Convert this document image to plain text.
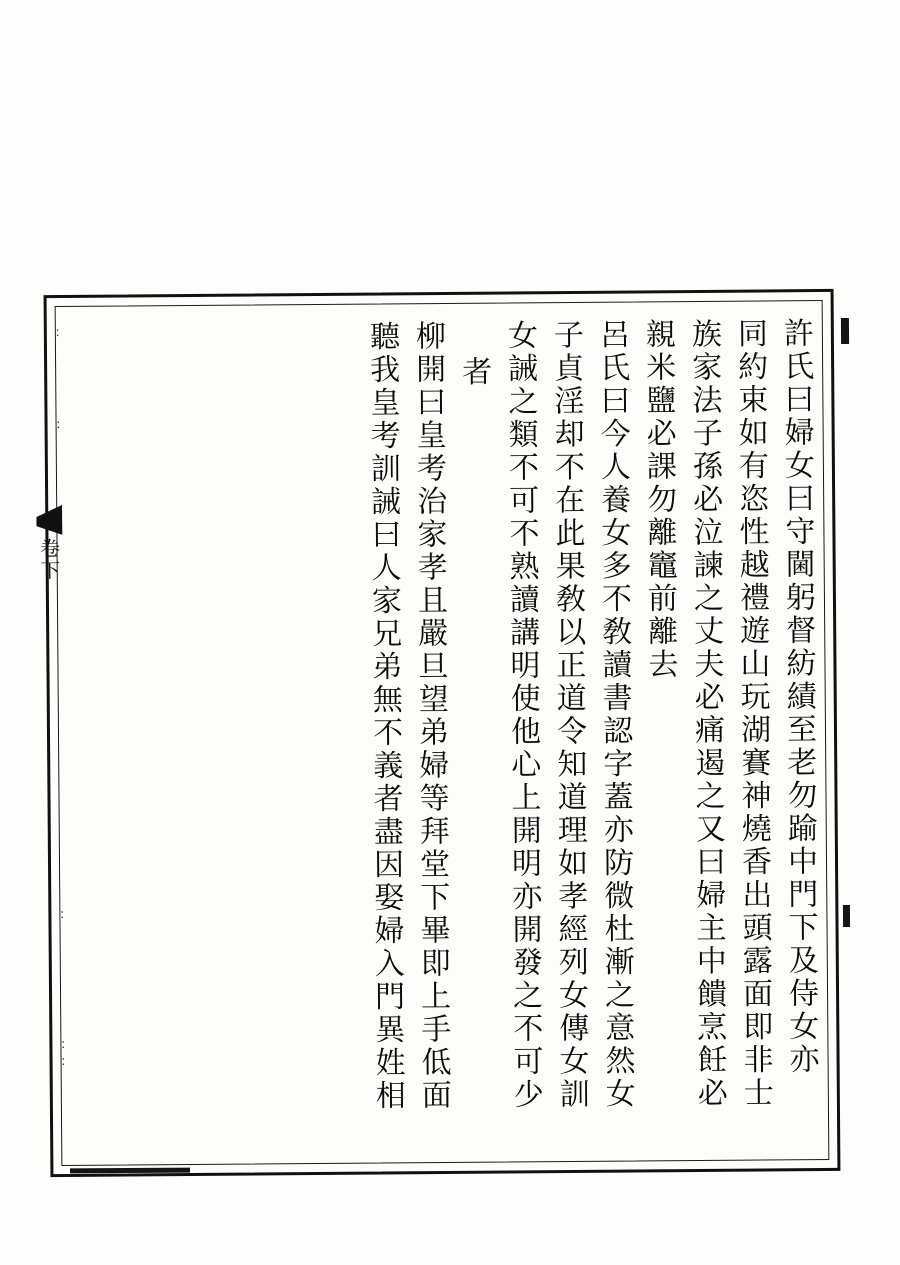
：
：
卷下
：
：：	許氏曰婦女曰守閫躬督紡績至老勿踰中門下及侍女亦
同約束如有恣性越禮遊山玩湖賽神燒香出頭露面即非士
族家法子孫必泣諫之丈夫必痛遏之又曰婦主中饋烹飪必
親米鹽必課勿離竈前離去
呂氏曰今人養女多不敎讀書認字蓋亦防微杜漸之意然女
子貞淫却不在此果敎以正道令知道理如孝經列女傳女訓
女誡之類不可不熟讀講明使他心上開明亦開發之不可少
者
柳開曰皇考治家孝且嚴旦望弟婦等拜堂下畢即上手低面
聽我皇考訓誡曰人家兄弟無不義者盡因娶婦入門異姓相
